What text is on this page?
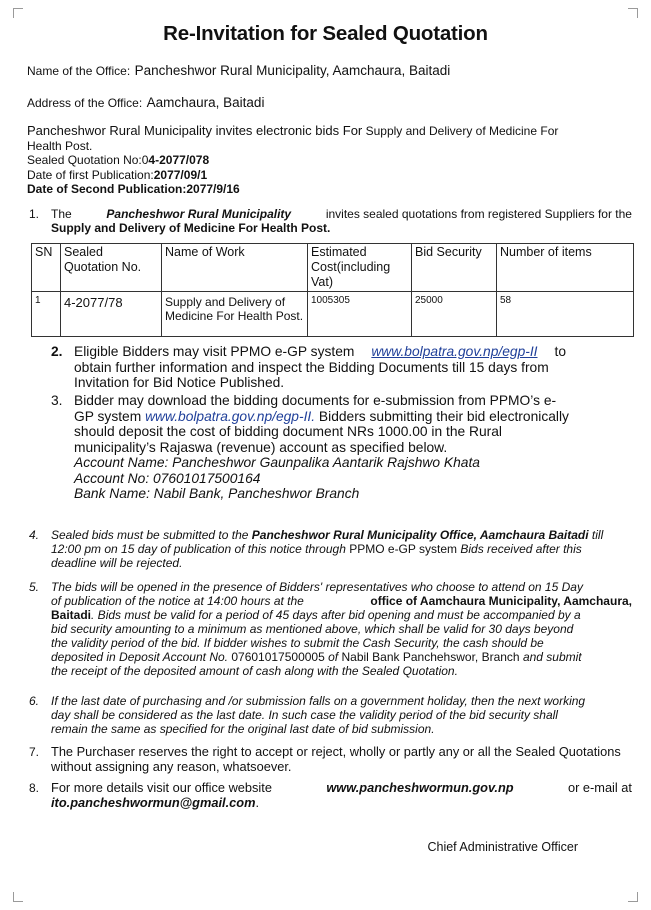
Re-Invitation for Sealed Quotation
Name of the Office: Pancheshwor Rural Municipality, Aamchaura, Baitadi
Address of the Office: Aamchaura, Baitadi
Pancheshwor Rural Municipality invites electronic bids For Supply and Delivery of Medicine For
Health Post.
Sealed Quotation No:04-2077/078
Date of first Publication:2077/09/1
Date of Second Publication:2077/9/16
1. The	Pancheshwor Rural Municipality	invites sealed quotations from registered Suppliers for the
Supply and Delivery of Medicine For Health Post.
SN	Sealed Quotation No.	Name of Work	Estimated Cost(including Vat)	Bid Security	Number of items
1	4-2077/78	Supply and Delivery of Medicine For Health Post.	1005305	25000	58
2. Eligible Bidders may visit PPMO e-GP system www.bolpatra.gov.np/egp-II to
obtain further information and inspect the Bidding Documents till 15 days from
Invitation for Bid Notice Published.
3. Bidder may download the bidding documents for e-submission from PPMO’s e-
GP system www.bolpatra.gov.np/egp-II. Bidders submitting their bid electronically
should deposit the cost of bidding document NRs 1000.00 in the Rural
municipality’s Rajaswa (revenue) account as specified below.
Account Name: Pancheshwor Gaunpalika Aantarik Rajshwo Khata
Account No: 07601017500164
Bank Name: Nabil Bank, Pancheshwor Branch
4. Sealed bids must be submitted to the Pancheshwor Rural Municipality Office, Aamchaura Baitadi till
12:00 pm on 15 day of publication of this notice through PPMO e-GP system Bids received after this
deadline will be rejected.
5. The bids will be opened in the presence of Bidders' representatives who choose to attend on 15 Day
of publication of the notice at 14:00 hours at the	office of Aamchaura Municipality, Aamchaura,
Baitadi. Bids must be valid for a period of 45 days after bid opening and must be accompanied by a
bid security amounting to a minimum as mentioned above, which shall be valid for 30 days beyond
the validity period of the bid. If bidder wishes to submit the Cash Security, the cash should be
deposited in Deposit Account No. 07601017500005 of Nabil Bank Panchehswor, Branch and submit
the receipt of the deposited amount of cash along with the Sealed Quotation.
6. If the last date of purchasing and /or submission falls on a government holiday, then the next working
day shall be considered as the last date. In such case the validity period of the bid security shall
remain the same as specified for the original last date of bid submission.
7. The Purchaser reserves the right to accept or reject, wholly or partly any or all the Sealed Quotations
without assigning any reason, whatsoever.
8. For more details visit our office website	www.pancheshwormun.gov.np	or e-mail at
ito.pancheshwormun@gmail.com.
Chief Administrative Officer
